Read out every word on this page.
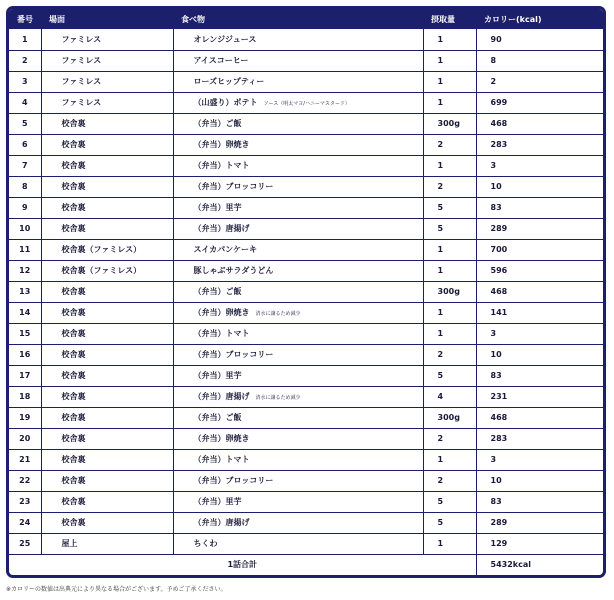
番号	場面	食べ物	摂取量	カロリー(kcal)
1	ファミレス	オレンジジュース	1	90
2	ファミレス	アイスコーヒー	1	8
3	ファミレス	ローズヒップティー	1	2
4	ファミレス	（山盛り）ポテト ソース（明太マヨ/ハニーマスタード）	1	699
5	校舎裏	（弁当）ご飯	300g	468
6	校舎裏	（弁当）卵焼き	2	283
7	校舎裏	（弁当）トマト	1	3
8	校舎裏	（弁当）ブロッコリー	2	10
9	校舎裏	（弁当）里芋	5	83
10	校舎裏	（弁当）唐揚げ	5	289
11	校舎裏（ファミレス）	スイカパンケーキ	1	700
12	校舎裏（ファミレス）	豚しゃぶサラダうどん	1	596
13	校舎裏	（弁当）ご飯	300g	468
14	校舎裏	（弁当）卵焼き 清水に譲るため減少	1	141
15	校舎裏	（弁当）トマト	1	3
16	校舎裏	（弁当）ブロッコリー	2	10
17	校舎裏	（弁当）里芋	5	83
18	校舎裏	（弁当）唐揚げ 清水に譲るため減少	4	231
19	校舎裏	（弁当）ご飯	300g	468
20	校舎裏	（弁当）卵焼き	2	283
21	校舎裏	（弁当）トマト	1	3
22	校舎裏	（弁当）ブロッコリー	2	10
23	校舎裏	（弁当）里芋	5	83
24	校舎裏	（弁当）唐揚げ	5	289
25	屋上	ちくわ	1	129
1話合計				5432kcal
※カロリーの数値は出典元により異なる場合がございます。予めご了承ください。
